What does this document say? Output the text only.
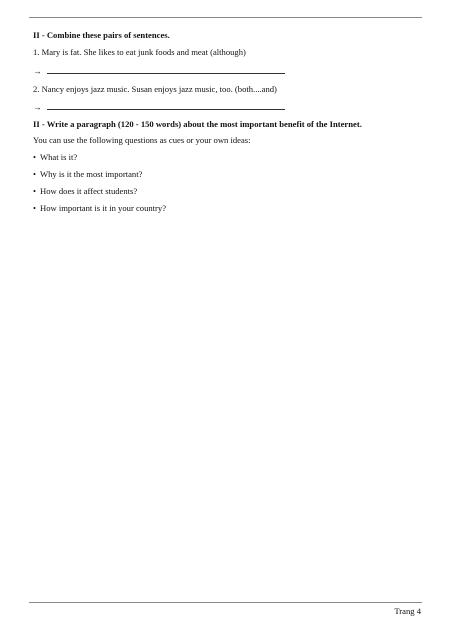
II - Combine these pairs of sentences.

1. Mary is fat. She likes to eat junk foods and meat (although)

→

2. Nancy enjoys jazz music. Susan enjoys jazz music, too. (both....and)

→

II - Write a paragraph (120 - 150 words) about the most important benefit of the Internet.

You can use the following questions as cues or your own ideas:

• What is it?
• Why is it the most important?
• How does it affect students?
• How important is it in your country?
Trang 4
